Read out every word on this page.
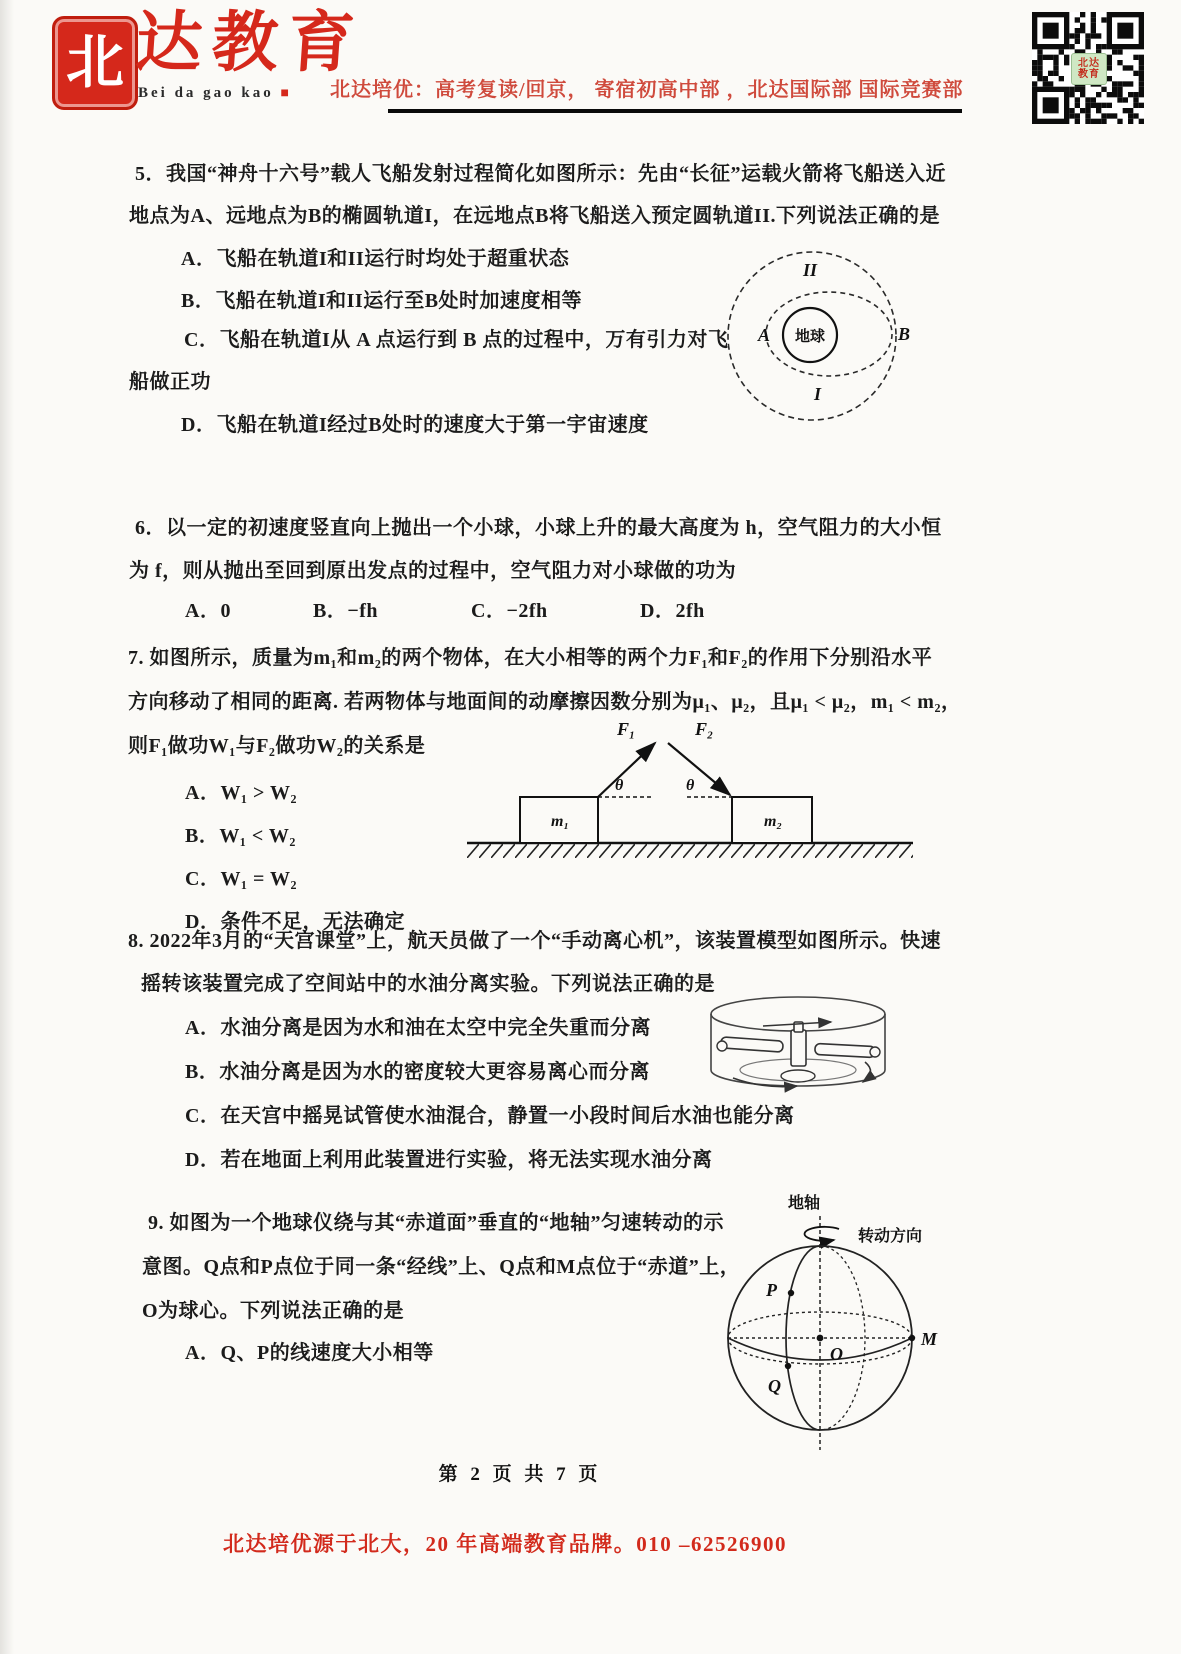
北 达教育
Bei da gao kao ■ 北达培优：高考复读/回京， 寄宿初高中部 ，北达国际部 国际竞赛部
北达
教育
5．我国“神舟十六号”载人飞船发射过程简化如图所示：先由“长征”运载火箭将飞船送入近
地点为A、远地点为B的椭圆轨道I，在远地点B将飞船送入预定圆轨道II.下列说法正确的是
A．飞船在轨道I和II运行时均处于超重状态
B．飞船在轨道I和II运行至B处时加速度相等
C．飞船在轨道I从 A 点运行到 B 点的过程中，万有引力对飞
船做正功
D．飞船在轨道I经过B处时的速度大于第一宇宙速度
地球
II
A	B
I
6．以一定的初速度竖直向上抛出一个小球，小球上升的最大高度为 h，空气阻力的大小恒
为 f，则从抛出至回到原出发点的过程中，空气阻力对小球做的功为
A．0	B．−fh	C．−2fh	D．2fh
7. 如图所示，质量为m₁和m₂的两个物体，在大小相等的两个力F₁和F₂的作用下分别沿水平
方向移动了相同的距离. 若两物体与地面间的动摩擦因数分别为μ₁、μ₂，且μ₁ < μ₂，m₁ < m₂，
则F₁做功W₁与F₂做功W₂的关系是
A．W₁ > W₂
B．W₁ < W₂
C．W₁ = W₂
D．条件不足，无法确定
m₁	m₂
F₁
θ
F₂
θ
8. 2022年3月的“天宫课堂”上，航天员做了一个“手动离心机”，该装置模型如图所示。快速
摇转该装置完成了空间站中的水油分离实验。下列说法正确的是
A．水油分离是因为水和油在太空中完全失重而分离
B．水油分离是因为水的密度较大更容易离心而分离
C．在天宫中摇晃试管使水油混合，静置一小段时间后水油也能分离
D．若在地面上利用此装置进行实验，将无法实现水油分离
9. 如图为一个地球仪绕与其“赤道面”垂直的“地轴”匀速转动的示
意图。Q点和P点位于同一条“经线”上、Q点和M点位于“赤道”上，
O为球心。下列说法正确的是
A．Q、P的线速度大小相等
地轴
转动方向
P
O
M
Q
第 2 页 共 7 页
北达培优源于北大，20 年高端教育品牌。010 –62526900
